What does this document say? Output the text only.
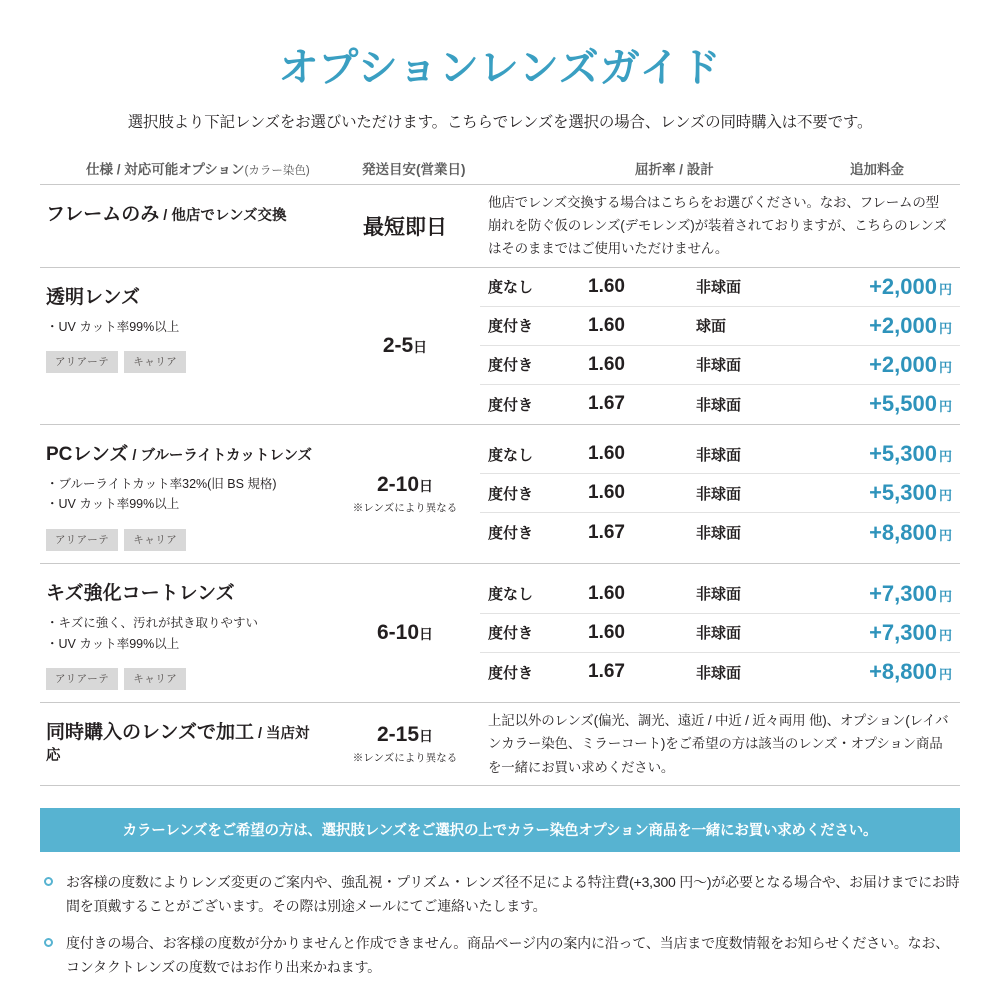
オプションレンズガイド
選択肢より下記レンズをお選びいただけます。こちらでレンズを選択の場合、レンズの同時購入は不要です。
仕様 / 対応可能オプション(カラー染色)	発送目安(営業日)	屈折率 / 設計	追加料金
フレームのみ / 他店でレンズ交換	最短即日
他店でレンズ交換する場合はこちらをお選びください。なお、フレームの型崩れを防ぐ仮のレンズ(デモレンズ)が装着されておりますが、こちらのレンズはそのままではご使用いただけません。
透明レンズ
・UV カット率99%以上
アリアーテ キャリア
2-5日
度なし	1.60	非球面	+2,000 円
度付き	1.60	球面	+2,000 円
度付き	1.60	非球面	+2,000 円
度付き	1.67	非球面	+5,500 円
PCレンズ / ブルーライトカットレンズ
・ブルーライトカット率32%(旧 BS 規格)
・UV カット率99%以上
アリアーテ キャリア
2-10日
※レンズにより異なる
度なし	1.60	非球面	+5,300 円
度付き	1.60	非球面	+5,300 円
度付き	1.67	非球面	+8,800 円
キズ強化コートレンズ
・キズに強く、汚れが拭き取りやすい
・UV カット率99%以上
アリアーテ キャリア
6-10日
度なし	1.60	非球面	+7,300 円
度付き	1.60	非球面	+7,300 円
度付き	1.67	非球面	+8,800 円
同時購入のレンズで加工 / 当店対応
2-15日
※レンズにより異なる
上記以外のレンズ(偏光、調光、遠近 / 中近 / 近々両用 他)、オプション(レイバンカラー染色、ミラーコート)をご希望の方は該当のレンズ・オプション商品を一緒にお買い求めください。
カラーレンズをご希望の方は、選択肢レンズをご選択の上でカラー染色オプション商品を一緒にお買い求めください。
お客様の度数によりレンズ変更のご案内や、強乱視・プリズム・レンズ径不足による特注費(+3,300 円〜)が必要となる場合や、お届けまでにお時間を頂戴することがございます。その際は別途メールにてご連絡いたします。
度付きの場合、お客様の度数が分かりませんと作成できません。商品ページ内の案内に沿って、当店まで度数情報をお知らせください。なお、コンタクトレンズの度数ではお作り出来かねます。
